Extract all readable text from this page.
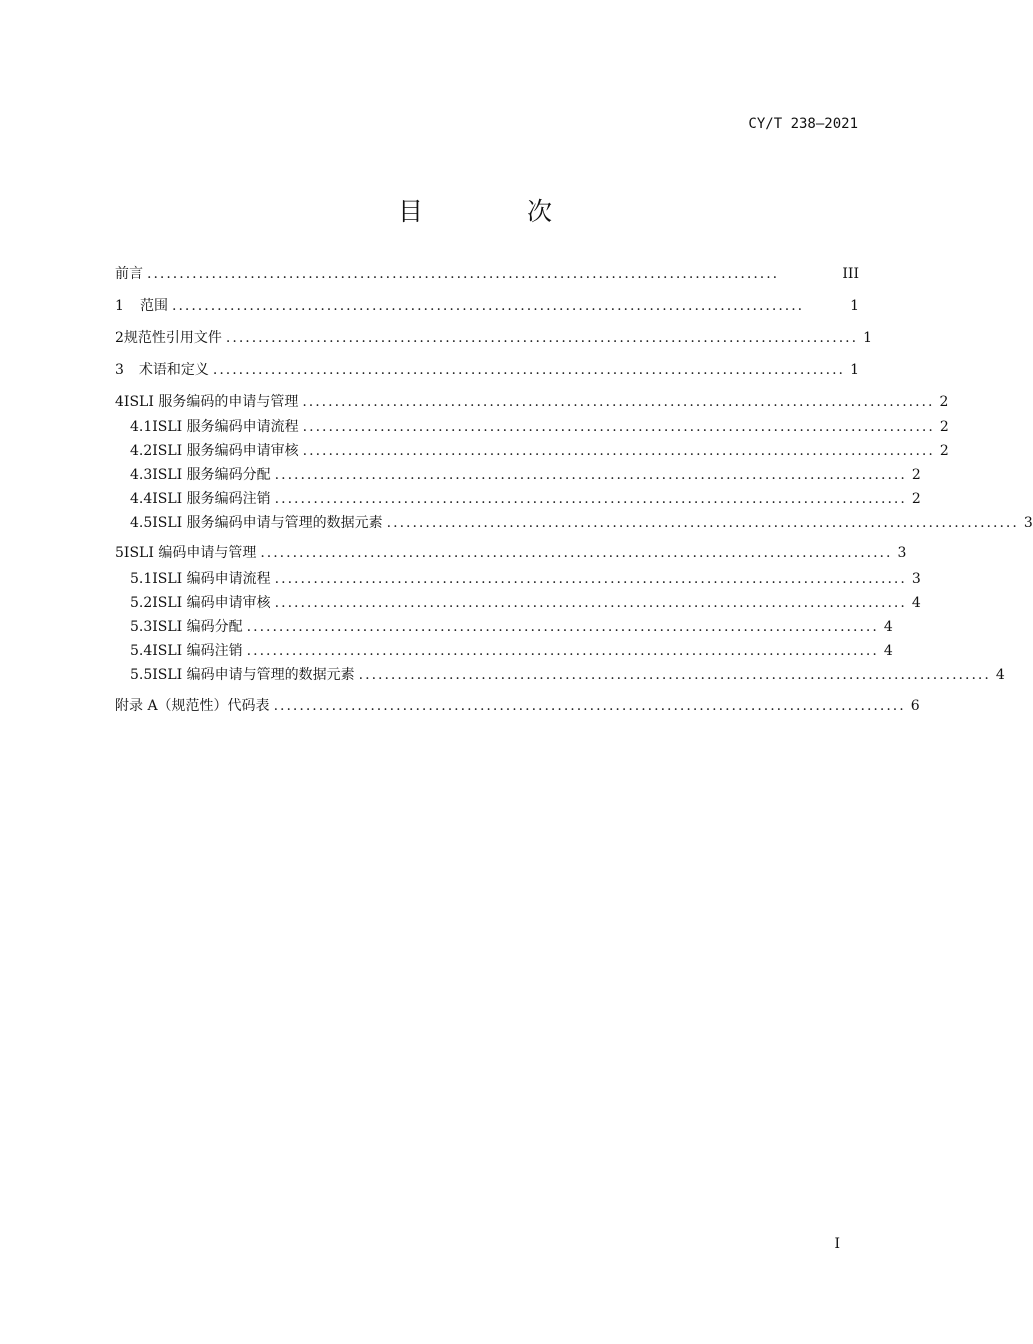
CY/T 238—2021
目 次
前言 ..................................................................................................	III
1	范围 ..................................................................................................	1
2 规范性引用文件 .................................................................................................. 1
3	术语和定义 .................................................................................................. 1
4 ISLI 服务编码的申请与管理 .................................................................................................. 2
4.1 ISLI 服务编码申请流程 .................................................................................................. 2
4.2 ISLI 服务编码申请审核 .................................................................................................. 2
4.3 ISLI 服务编码分配 .................................................................................................. 2
4.4 ISLI 服务编码注销 .................................................................................................. 2
4.5 ISLI 服务编码申请与管理的数据元素 .................................................................................................. 3
5 ISLI 编码申请与管理 .................................................................................................. 3
5.1 ISLI 编码申请流程 .................................................................................................. 3
5.2 ISLI 编码申请审核 .................................................................................................. 4
5.3 ISLI 编码分配 .................................................................................................. 4
5.4 ISLI 编码注销 .................................................................................................. 4
5.5 ISLI 编码申请与管理的数据元素 .................................................................................................. 4
附录 A（规范性）代码表 .................................................................................................. 6
I
